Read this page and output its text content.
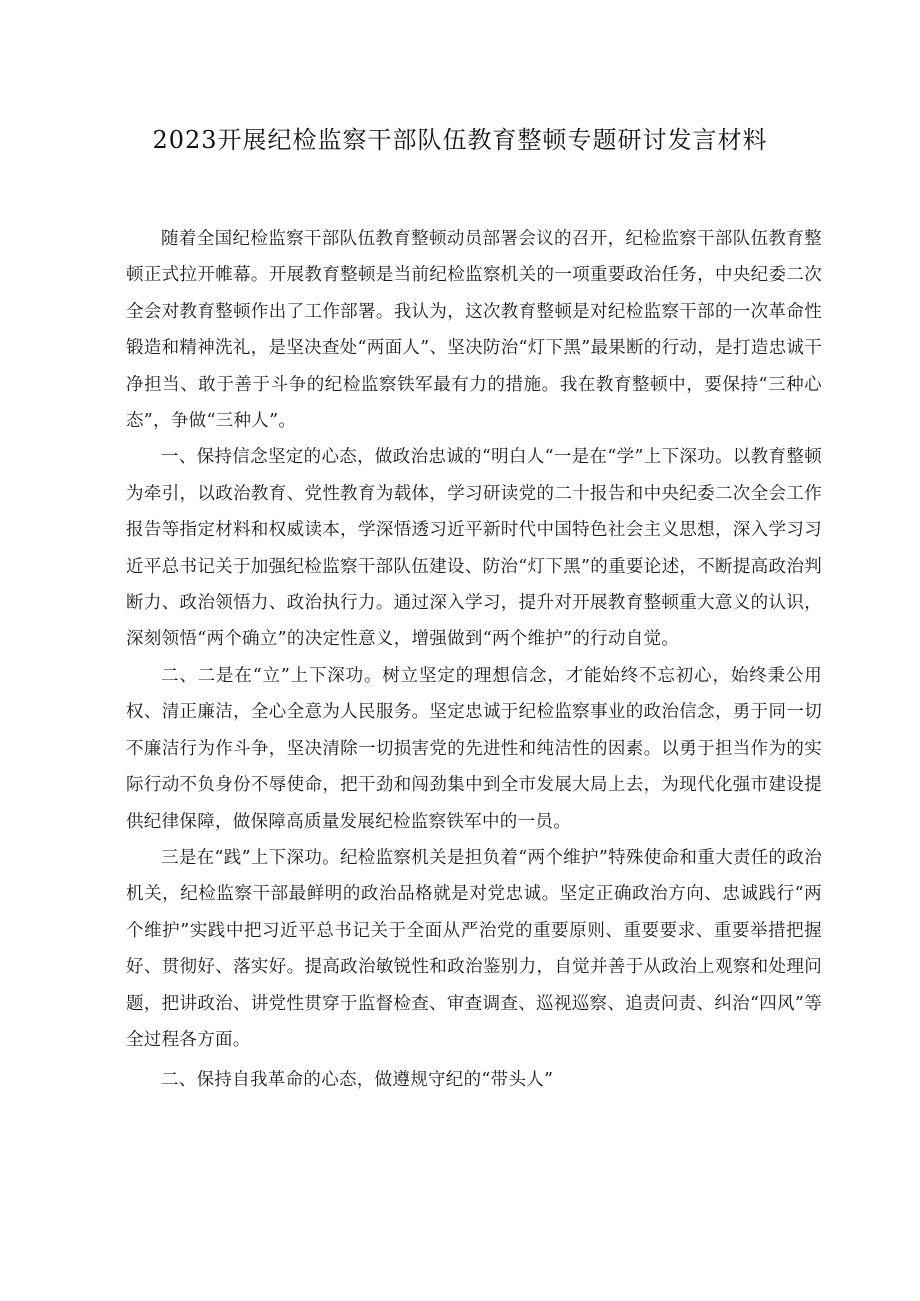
2023开展纪检监察干部队伍教育整顿专题研讨发言材料

随着全国纪检监察干部队伍教育整顿动员部署会议的召开，纪检监察干部队伍教育整顿正式拉开帷幕。开展教育整顿是当前纪检监察机关的一项重要政治任务，中央纪委二次全会对教育整顿作出了工作部署。我认为，这次教育整顿是对纪检监察干部的一次革命性锻造和精神洗礼，是坚决查处“两面人”、坚决防治“灯下黑”最果断的行动，是打造忠诚干净担当、敢于善于斗争的纪检监察铁军最有力的措施。我在教育整顿中，要保持“三种心态”，争做“三种人”。

一、保持信念坚定的心态，做政治忠诚的“明白人“一是在“学”上下深功。以教育整顿为牵引，以政治教育、党性教育为载体，学习研读党的二十报告和中央纪委二次全会工作报告等指定材料和权威读本，学深悟透习近平新时代中国特色社会主义思想，深入学习习近平总书记关于加强纪检监察干部队伍建设、防治“灯下黑”的重要论述，不断提高政治判断力、政治领悟力、政治执行力。通过深入学习，提升对开展教育整顿重大意义的认识，深刻领悟“两个确立”的决定性意义，增强做到“两个维护”的行动自觉。

二、二是在“立”上下深功。树立坚定的理想信念，才能始终不忘初心，始终秉公用权、清正廉洁，全心全意为人民服务。坚定忠诚于纪检监察事业的政治信念，勇于同一切不廉洁行为作斗争，坚决清除一切损害党的先进性和纯洁性的因素。以勇于担当作为的实际行动不负身份不辱使命，把干劲和闯劲集中到全市发展大局上去，为现代化强市建设提供纪律保障，做保障高质量发展纪检监察铁军中的一员。

三是在“践”上下深功。纪检监察机关是担负着“两个维护”特殊使命和重大责任的政治机关，纪检监察干部最鲜明的政治品格就是对党忠诚。坚定正确政治方向、忠诚践行“两个维护”实践中把习近平总书记关于全面从严治党的重要原则、重要要求、重要举措把握好、贯彻好、落实好。提高政治敏锐性和政治鉴别力，自觉并善于从政治上观察和处理问题，把讲政治、讲党性贯穿于监督检查、审查调查、巡视巡察、追责问责、纠治“四风”等全过程各方面。

二、保持自我革命的心态，做遵规守纪的“带头人”
